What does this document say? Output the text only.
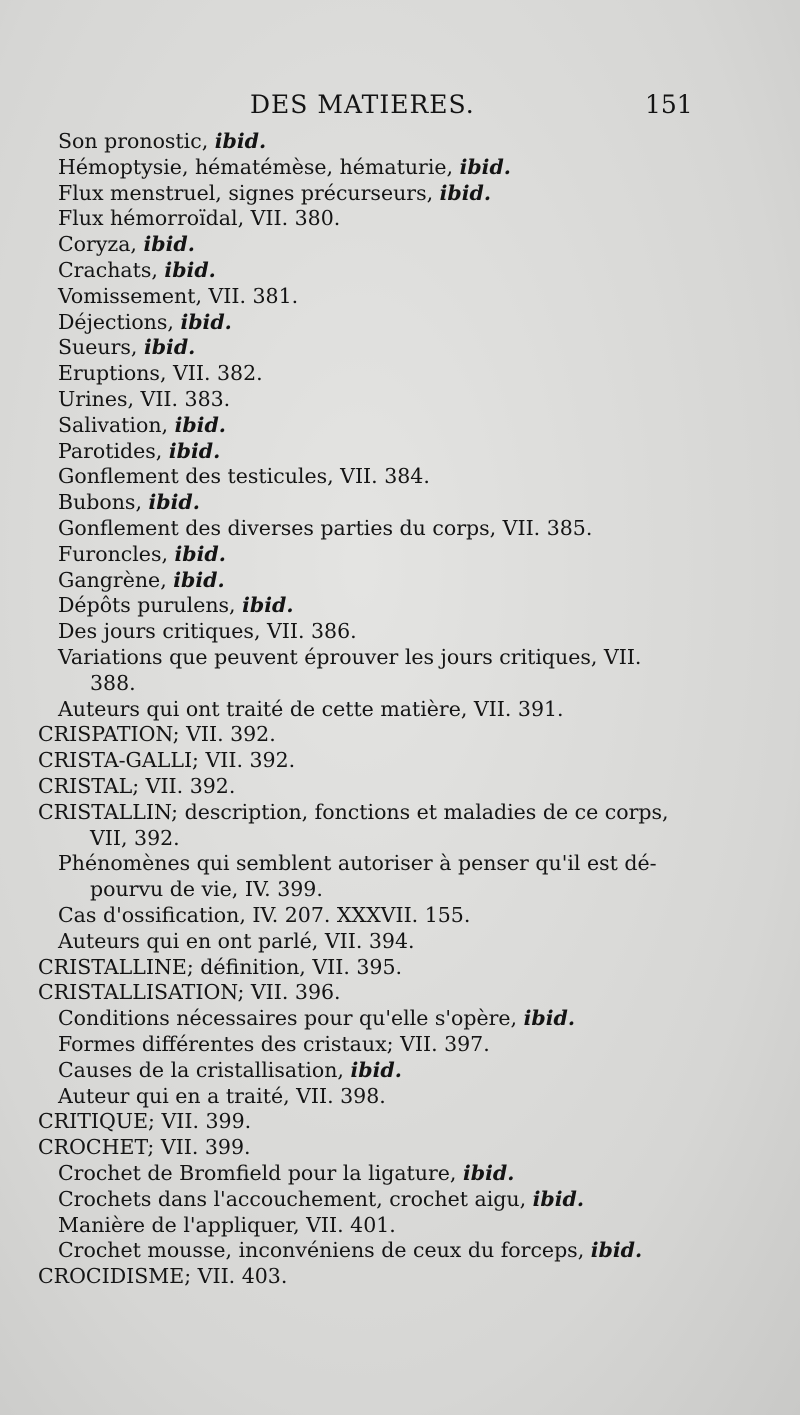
DES MATIERES.	151
Son pronostic, ibid.
Hémoptysie, hématémèse, hématurie, ibid.
Flux menstruel, signes précurseurs, ibid.
Flux hémorroïdal, VII. 380.
Coryza, ibid.
Crachats, ibid.
Vomissement, VII. 381.
Déjections, ibid.
Sueurs, ibid.
Eruptions, VII. 382.
Urines, VII. 383.
Salivation, ibid.
Parotides, ibid.
Gonflement des testicules, VII. 384.
Bubons, ibid.
Gonflement des diverses parties du corps, VII. 385.
Furoncles, ibid.
Gangrène, ibid.
Dépôts purulens, ibid.
Des jours critiques, VII. 386.
Variations que peuvent éprouver les jours critiques, VII.
388.
Auteurs qui ont traité de cette matière, VII. 391.
CRISPATION; VII. 392.
CRISTA-GALLI; VII. 392.
CRISTAL; VII. 392.
CRISTALLIN; description, fonctions et maladies de ce corps,
VII, 392.
Phénomènes qui semblent autoriser à penser qu'il est dé-
pourvu de vie, IV. 399.
Cas d'ossification, IV. 207. XXXVII. 155.
Auteurs qui en ont parlé, VII. 394.
CRISTALLINE; définition, VII. 395.
CRISTALLISATION; VII. 396.
Conditions nécessaires pour qu'elle s'opère, ibid.
Formes différentes des cristaux; VII. 397.
Causes de la cristallisation, ibid.
Auteur qui en a traité, VII. 398.
CRITIQUE; VII. 399.
CROCHET; VII. 399.
Crochet de Bromfield pour la ligature, ibid.
Crochets dans l'accouchement, crochet aigu, ibid.
Manière de l'appliquer, VII. 401.
Crochet mousse, inconvéniens de ceux du forceps, ibid.
CROCIDISME; VII. 403.
